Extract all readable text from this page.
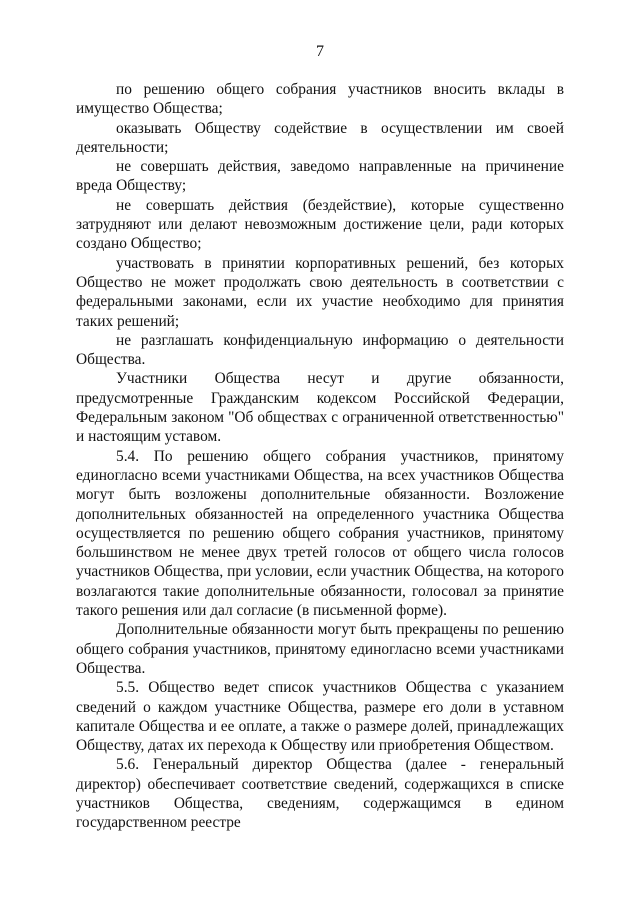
7

по решению общего собрания участников вносить вклады в имущество Общества;

оказывать Обществу содействие в осуществлении им своей деятельности;

не совершать действия, заведомо направленные на причинение вреда Обществу;

не совершать действия (бездействие), которые существенно затрудняют или делают невозможным достижение цели, ради которых создано Общество;

участвовать в принятии корпоративных решений, без которых Общество не может продолжать свою деятельность в соответствии с федеральными законами, если их участие необходимо для принятия таких решений;

не разглашать конфиденциальную информацию о деятельности Общества.

Участники Общества несут и другие обязанности, предусмотренные Гражданским кодексом Российской Федерации, Федеральным законом "Об обществах с ограниченной ответственностью" и настоящим уставом.

5.4. По решению общего собрания участников, принятому единогласно всеми участниками Общества, на всех участников Общества могут быть возложены дополнительные обязанности. Возложение дополнительных обязанностей на определенного участника Общества осуществляется по решению общего собрания участников, принятому большинством не менее двух третей голосов от общего числа голосов участников Общества, при условии, если участник Общества, на которого возлагаются такие дополнительные обязанности, голосовал за принятие такого решения или дал согласие (в письменной форме).

Дополнительные обязанности могут быть прекращены по решению общего собрания участников, принятому единогласно всеми участниками Общества.

5.5. Общество ведет список участников Общества с указанием сведений о каждом участнике Общества, размере его доли в уставном капитале Общества и ее оплате, а также о размере долей, принадлежащих Обществу, датах их перехода к Обществу или приобретения Обществом.

5.6. Генеральный директор Общества (далее - генеральный директор) обеспечивает соответствие сведений, содержащихся в списке участников Общества, сведениям, содержащимся в едином государственном реестре
